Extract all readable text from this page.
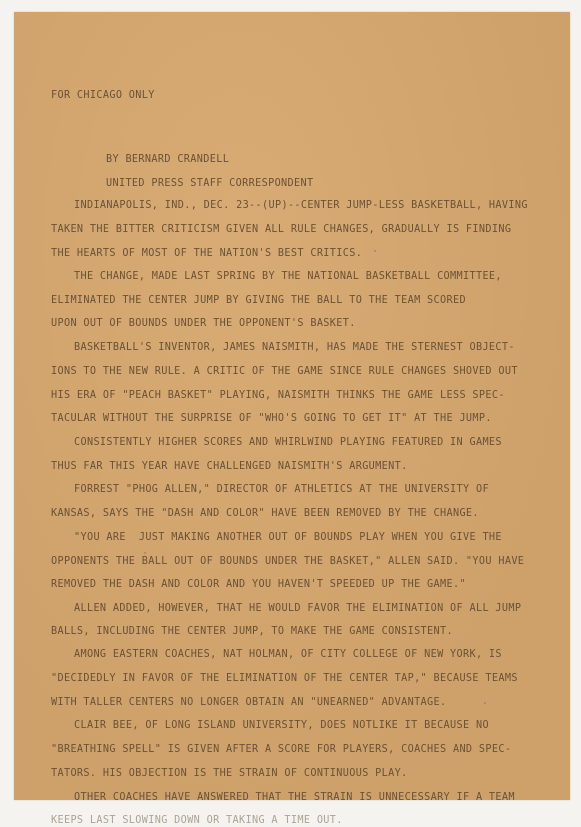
FOR CHICAGO ONLY
BY BERNARD CRANDELL
UNITED PRESS STAFF CORRESPONDENT
INDIANAPOLIS, IND., DEC. 23--(UP)--CENTER JUMP-LESS BASKETBALL, HAVING
TAKEN THE BITTER CRITICISM GIVEN ALL RULE CHANGES, GRADUALLY IS FINDING
THE HEARTS OF MOST OF THE NATION'S BEST CRITICS.
THE CHANGE, MADE LAST SPRING BY THE NATIONAL BASKETBALL COMMITTEE,
ELIMINATED THE CENTER JUMP BY GIVING THE BALL TO THE TEAM SCORED
UPON OUT OF BOUNDS UNDER THE OPPONENT'S BASKET.
BASKETBALL'S INVENTOR, JAMES NAISMITH, HAS MADE THE STERNEST OBJECT-
IONS TO THE NEW RULE. A CRITIC OF THE GAME SINCE RULE CHANGES SHOVED OUT
HIS ERA OF "PEACH BASKET" PLAYING, NAISMITH THINKS THE GAME LESS SPEC-
TACULAR WITHOUT THE SURPRISE OF "WHO'S GOING TO GET IT" AT THE JUMP.
CONSISTENTLY HIGHER SCORES AND WHIRLWIND PLAYING FEATURED IN GAMES
THUS FAR THIS YEAR HAVE CHALLENGED NAISMITH'S ARGUMENT.
FORREST "PHOG ALLEN," DIRECTOR OF ATHLETICS AT THE UNIVERSITY OF
KANSAS, SAYS THE "DASH AND COLOR" HAVE BEEN REMOVED BY THE CHANGE.
"YOU ARE  JUST MAKING ANOTHER OUT OF BOUNDS PLAY WHEN YOU GIVE THE
OPPONENTS THE BALL OUT OF BOUNDS UNDER THE BASKET," ALLEN SAID. "YOU HAVE
REMOVED THE DASH AND COLOR AND YOU HAVEN'T SPEEDED UP THE GAME."
ALLEN ADDED, HOWEVER, THAT HE WOULD FAVOR THE ELIMINATION OF ALL JUMP
BALLS, INCLUDING THE CENTER JUMP, TO MAKE THE GAME CONSISTENT.
AMONG EASTERN COACHES, NAT HOLMAN, OF CITY COLLEGE OF NEW YORK, IS
"DECIDEDLY IN FAVOR OF THE ELIMINATION OF THE CENTER TAP," BECAUSE TEAMS
WITH TALLER CENTERS NO LONGER OBTAIN AN "UNEARNED" ADVANTAGE.
CLAIR BEE, OF LONG ISLAND UNIVERSITY, DOES NOTLIKE IT BECAUSE NO
"BREATHING SPELL" IS GIVEN AFTER A SCORE FOR PLAYERS, COACHES AND SPEC-
TATORS. HIS OBJECTION IS THE STRAIN OF CONTINUOUS PLAY.
OTHER COACHES HAVE ANSWERED THAT THE STRAIN IS UNNECESSARY IF A TEAM
KEEPS LAST SLOWING DOWN OR TAKING A TIME OUT.
